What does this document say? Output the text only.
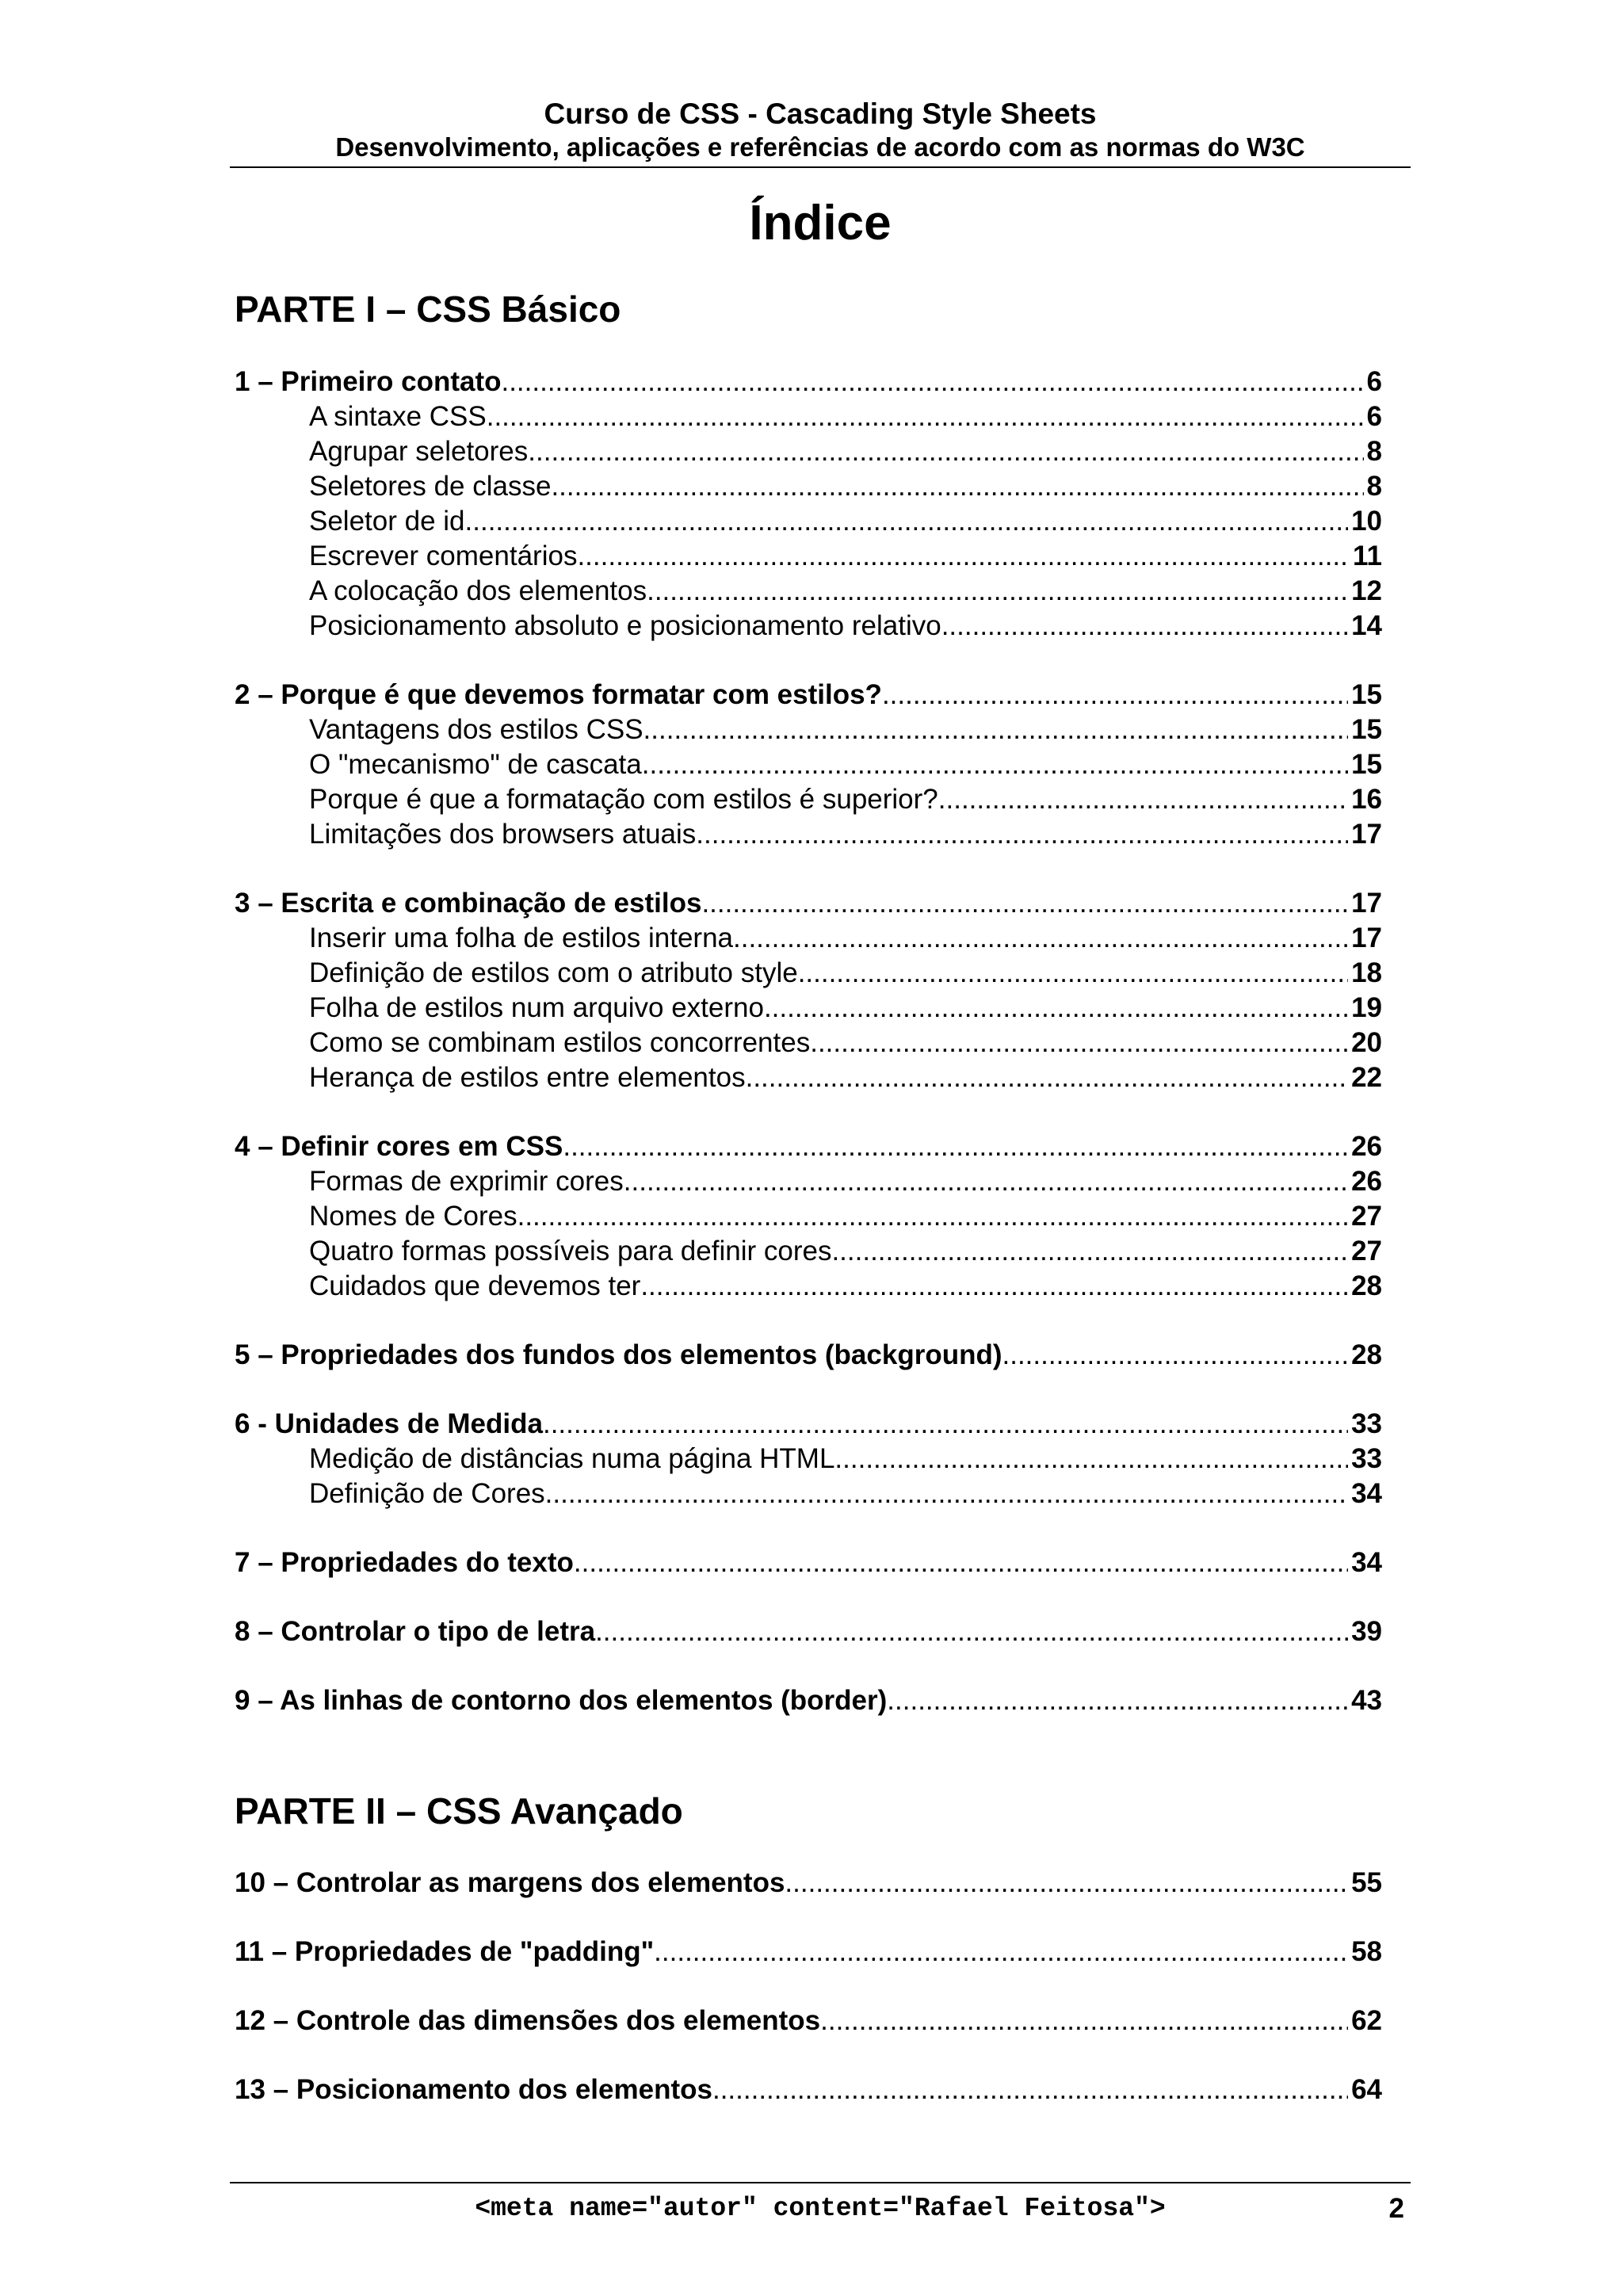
Curso de CSS - Cascading Style Sheets
Desenvolvimento, aplicações e referências de acordo com as normas do W3C
Índice
PARTE I – CSS Básico
1 – Primeiro contato .....	6
A sintaxe CSS .....	6
Agrupar seletores .....	8
Seletores de classe .....	8
Seletor de id .....	10
Escrever comentários .....	11
A colocação dos elementos .....	12
Posicionamento absoluto e posicionamento relativo .....	14
2 – Porque é que devemos formatar com estilos? .....	15
Vantagens dos estilos CSS .....	15
O "mecanismo" de cascata .....	15
Porque é que a formatação com estilos é superior? .....	16
Limitações dos browsers atuais .....	17
3 – Escrita e combinação de estilos .....	17
Inserir uma folha de estilos interna .....	17
Definição de estilos com o atributo style .....	18
Folha de estilos num arquivo externo .....	19
Como se combinam estilos concorrentes .....	20
Herança de estilos entre elementos .....	22
4 – Definir cores em CSS .....	26
Formas de exprimir cores .....	26
Nomes de Cores .....	27
Quatro formas possíveis para definir cores .....	27
Cuidados que devemos ter .....	28
5 – Propriedades dos fundos dos elementos (background) .....	28
6 - Unidades de Medida .....	33
Medição de distâncias numa página HTML .....	33
Definição de Cores .....	34
7 – Propriedades do texto .....	34
8 – Controlar o tipo de letra .....	39
9 – As linhas de contorno dos elementos (border) .....	43
PARTE II – CSS Avançado
10 – Controlar as margens dos elementos .....	55
11 – Propriedades de "padding" .....	58
12 – Controle das dimensões dos elementos .....	62
13 – Posicionamento dos elementos .....	64
<meta name="autor" content="Rafael Feitosa">	2
